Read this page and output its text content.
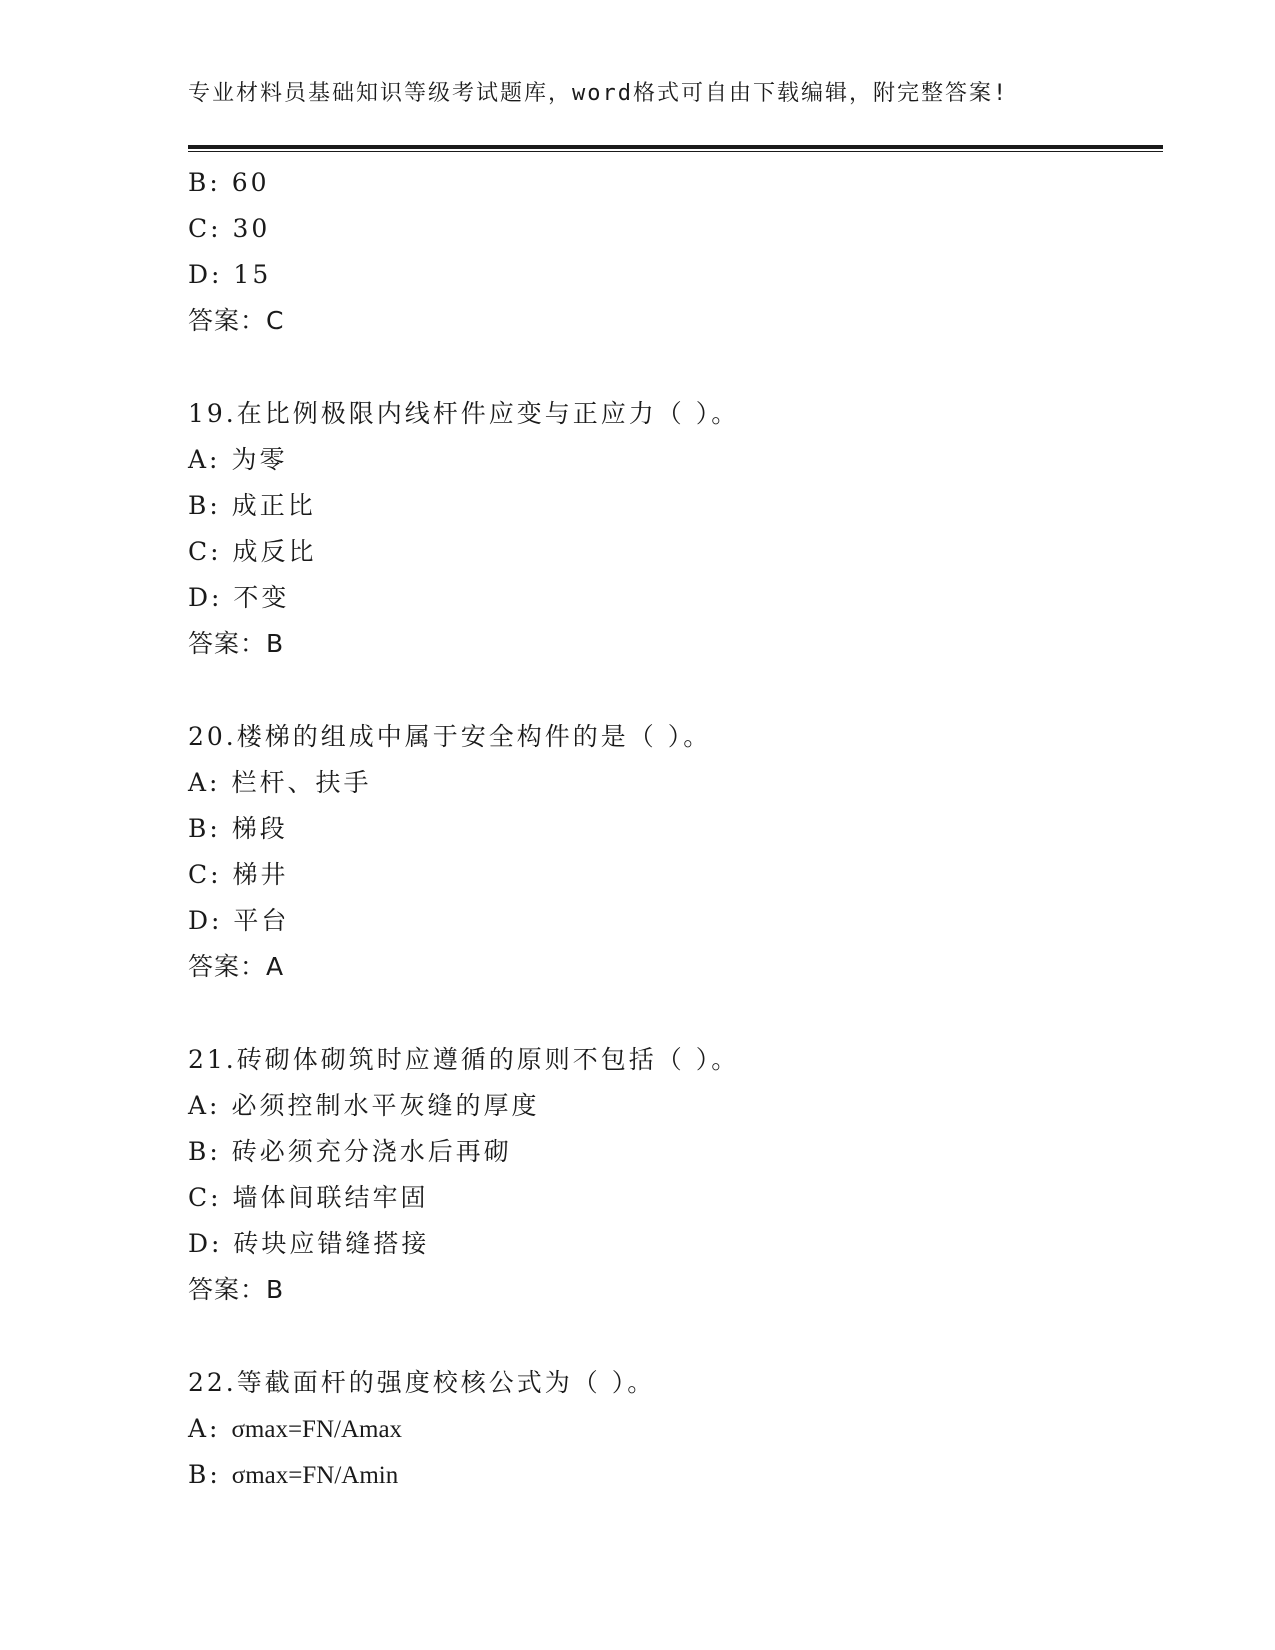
专业材料员基础知识等级考试题库，word格式可自由下载编辑，附完整答案!
B: 60
C: 30
D: 15
答案：C
19.在比例极限内线杆件应变与正应力（ ）。
A: 为零
B: 成正比
C: 成反比
D: 不变
答案：B
20.楼梯的组成中属于安全构件的是（ ）。
A: 栏杆、扶手
B: 梯段
C: 梯井
D: 平台
答案：A
21.砖砌体砌筑时应遵循的原则不包括（ ）。
A: 必须控制水平灰缝的厚度
B: 砖必须充分浇水后再砌
C: 墙体间联结牢固
D: 砖块应错缝搭接
答案：B
22.等截面杆的强度校核公式为（ ）。
A: σmax=FN/Amax
B: σmax=FN/Amin
